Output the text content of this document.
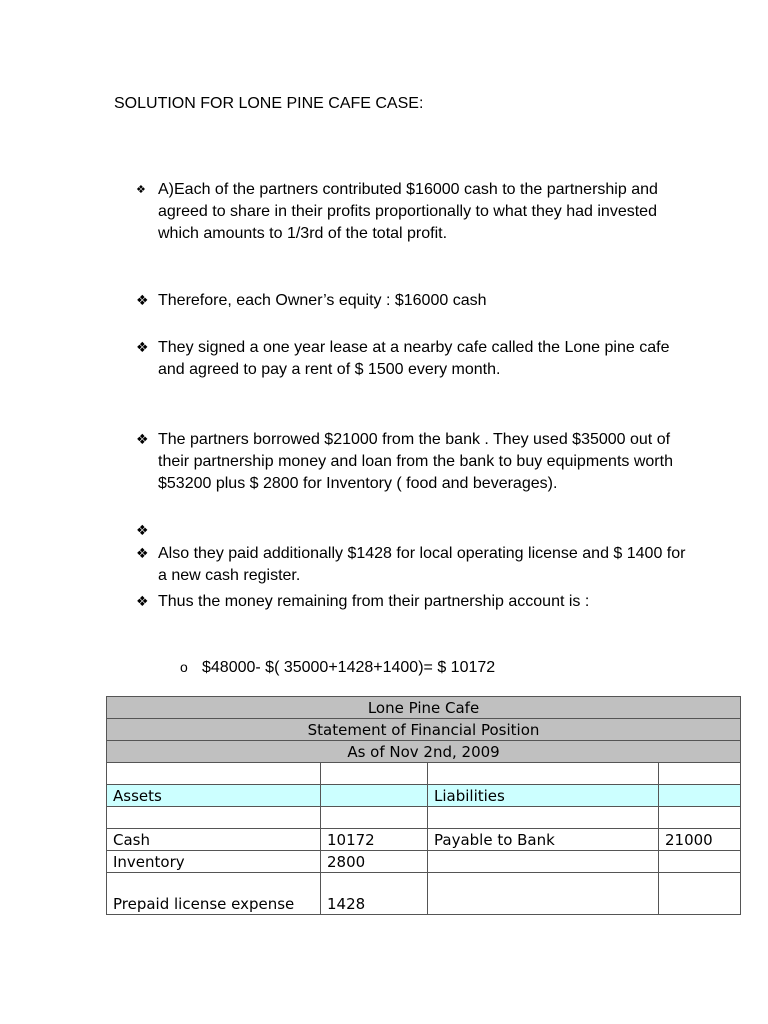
SOLUTION FOR LONE PINE CAFE CASE:
❖ A)Each of the partners contributed $16000 cash to the partnership and agreed to share in their profits proportionally to what they had invested which amounts to 1/3rd of the total profit.
❖ Therefore, each Owner’s equity : $16000 cash
❖ They signed a one year lease at a nearby cafe called the Lone pine cafe and agreed to pay a rent of $ 1500 every month.
❖ The partners borrowed $21000 from the bank . They used $35000 out of their partnership money and loan from the bank to buy equipments worth $53200 plus $ 2800 for Inventory ( food and beverages).
❖
❖ Also they paid additionally $1428 for local operating license and $ 1400 for a new cash register.
❖ Thus the money remaining from their partnership account is :
o $48000- $( 35000+1428+1400)= $ 10172
Lone Pine Cafe			
Statement of Financial Position			
As of Nov 2nd, 2009			

Assets		Liabilities	

Cash	10172	Payable to Bank	21000
Inventory	2800		
Prepaid license expense	1428		
